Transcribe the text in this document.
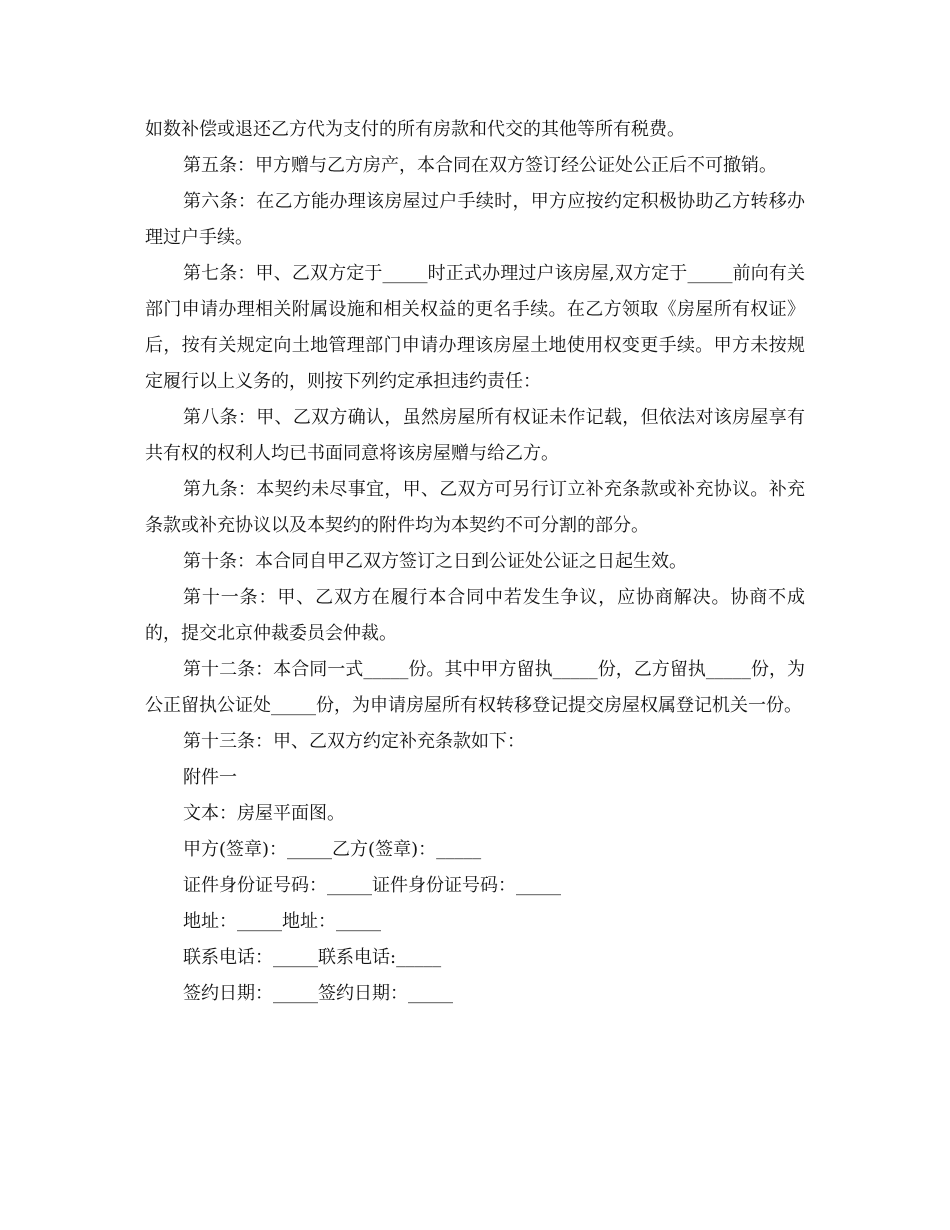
如数补偿或退还乙方代为支付的所有房款和代交的其他等所有税费。

第五条：甲方赠与乙方房产，本合同在双方签订经公证处公正后不可撤销。

第六条：在乙方能办理该房屋过户手续时，甲方应按约定积极协助乙方转移办理过户手续。

第七条：甲、乙双方定于_____时正式办理过户该房屋,双方定于_____前向有关部门申请办理相关附属设施和相关权益的更名手续。在乙方领取《房屋所有权证》后，按有关规定向土地管理部门申请办理该房屋土地使用权变更手续。甲方未按规定履行以上义务的，则按下列约定承担违约责任：

第八条：甲、乙双方确认，虽然房屋所有权证未作记载，但依法对该房屋享有共有权的权利人均已书面同意将该房屋赠与给乙方。

第九条：本契约未尽事宜，甲、乙双方可另行订立补充条款或补充协议。补充条款或补充协议以及本契约的附件均为本契约不可分割的部分。

第十条：本合同自甲乙双方签订之日到公证处公证之日起生效。

第十一条：甲、乙双方在履行本合同中若发生争议，应协商解决。协商不成的，提交北京仲裁委员会仲裁。

第十二条：本合同一式_____份。其中甲方留执_____份，乙方留执_____份，为公正留执公证处_____份，为申请房屋所有权转移登记提交房屋权属登记机关一份。

第十三条：甲、乙双方约定补充条款如下：

附件一

文本：房屋平面图。

甲方(签章)：_____乙方(签章)：_____

证件身份证号码：_____证件身份证号码：_____

地址：_____地址：_____

联系电话：_____联系电话:_____

签约日期：_____签约日期：_____
